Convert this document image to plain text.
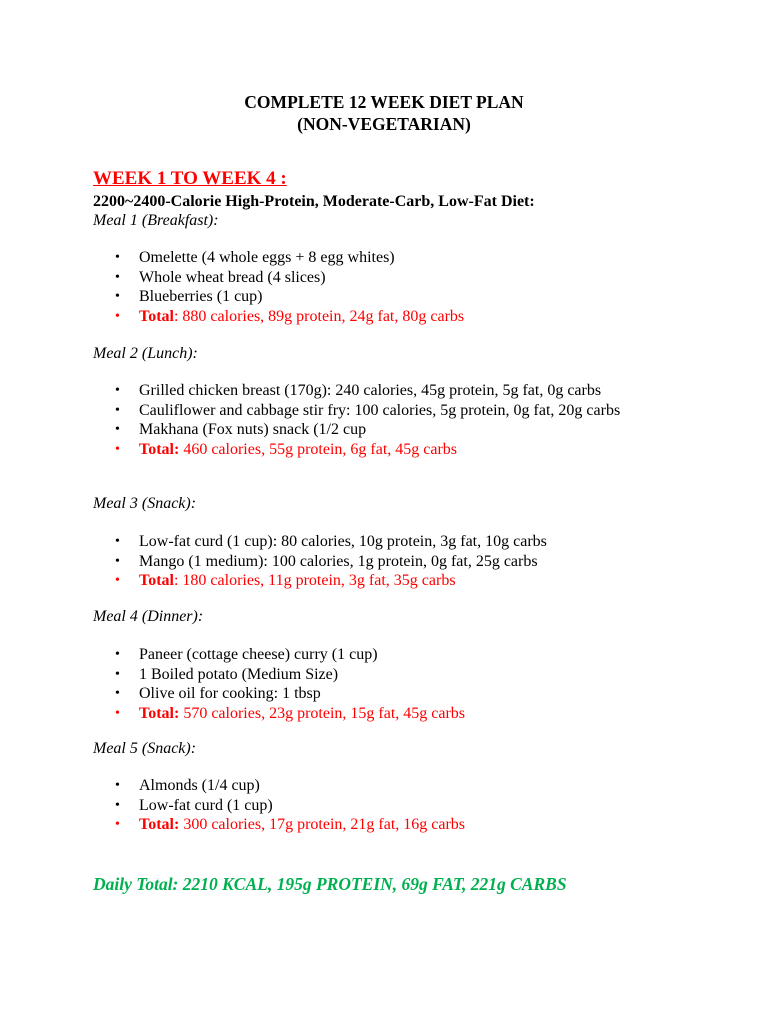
COMPLETE 12 WEEK DIET PLAN
(NON-VEGETARIAN)
WEEK 1 TO WEEK 4 :
2200~2400-Calorie High-Protein, Moderate-Carb, Low-Fat Diet:
Meal 1 (Breakfast):
• Omelette (4 whole eggs + 8 egg whites)
• Whole wheat bread (4 slices)
• Blueberries (1 cup)
• Total: 880 calories, 89g protein, 24g fat, 80g carbs
Meal 2 (Lunch):
• Grilled chicken breast (170g): 240 calories, 45g protein, 5g fat, 0g carbs
• Cauliflower and cabbage stir fry: 100 calories, 5g protein, 0g fat, 20g carbs
• Makhana (Fox nuts) snack (1/2 cup
• Total: 460 calories, 55g protein, 6g fat, 45g carbs
Meal 3 (Snack):
• Low-fat curd (1 cup): 80 calories, 10g protein, 3g fat, 10g carbs
• Mango (1 medium): 100 calories, 1g protein, 0g fat, 25g carbs
• Total: 180 calories, 11g protein, 3g fat, 35g carbs
Meal 4 (Dinner):
• Paneer (cottage cheese) curry (1 cup)
• 1 Boiled potato (Medium Size)
• Olive oil for cooking: 1 tbsp
• Total: 570 calories, 23g protein, 15g fat, 45g carbs
Meal 5 (Snack):
• Almonds (1/4 cup)
• Low-fat curd (1 cup)
• Total: 300 calories, 17g protein, 21g fat, 16g carbs
Daily Total: 2210 KCAL, 195g PROTEIN, 69g FAT, 221g CARBS
